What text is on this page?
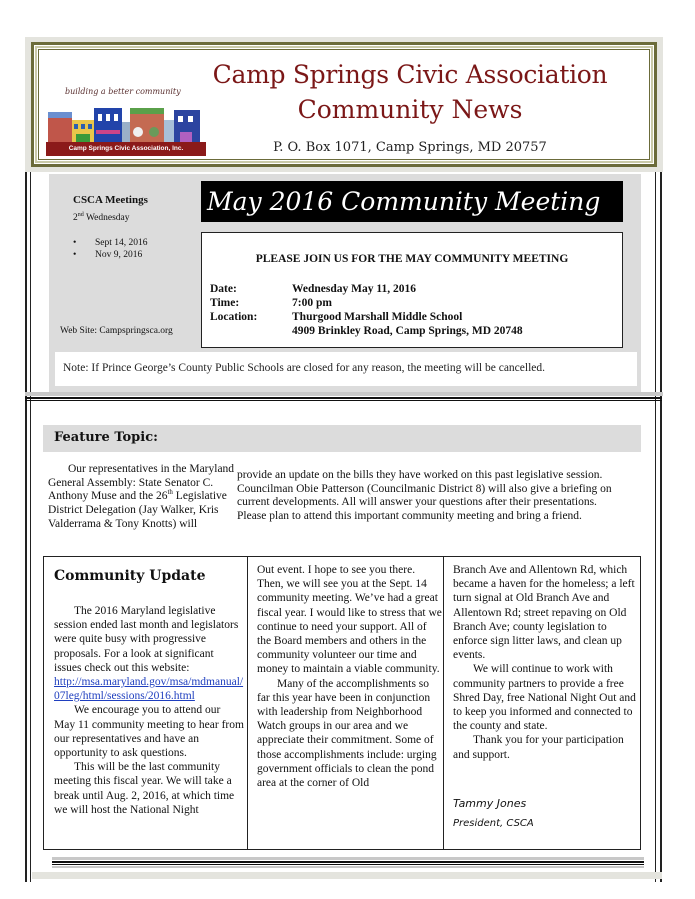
building a better community
Camp Springs Civic Association, Inc.
Camp Springs Civic Association
Community News
P. O. Box 1071, Camp Springs, MD 20757
CSCA Meetings
2nd Wednesday
• Sept 14, 2016
• Nov 9, 2016
Web Site: Campspringsca.org
May 2016 Community Meeting
PLEASE JOIN US FOR THE MAY COMMUNITY MEETING
Date:	Wednesday May 11, 2016
Time:	7:00 pm
Location:	Thurgood Marshall Middle School
4909 Brinkley Road, Camp Springs, MD 20748
Note: If Prince George’s County Public Schools are closed for any reason, the meeting will be cancelled.
Feature Topic:
Our representatives in the Maryland General Assembly: State Senator C. Anthony Muse and the 26th Legislative District Delegation (Jay Walker, Kris Valderrama & Tony Knotts) will
provide an update on the bills they have worked on this past legislative session. Councilman Obie Patterson (Councilmanic District 8) will also give a briefing on current developments. All will answer your questions after their presentations. Please plan to attend this important community meeting and bring a friend.
Community Update

The 2016 Maryland legislative session ended last month and legislators were quite busy with progressive proposals. For a look at significant issues check out this website:
http://msa.maryland.gov/msa/mdmanual/07leg/html/sessions/2016.html

We encourage you to attend our May 11 community meeting to hear from our representatives and have an opportunity to ask questions.

This will be the last community meeting this fiscal year. We will take a break until Aug. 2, 2016, at which time we will host the National Night

Out event. I hope to see you there. Then, we will see you at the Sept. 14 community meeting. We’ve had a great fiscal year. I would like to stress that we continue to need your support. All of the Board members and others in the community volunteer our time and money to maintain a viable community.

Many of the accomplishments so far this year have been in conjunction with leadership from Neighborhood Watch groups in our area and we appreciate their commitment. Some of those accomplishments include: urging government officials to clean the pond area at the corner of Old

Branch Ave and Allentown Rd, which became a haven for the homeless; a left turn signal at Old Branch Ave and Allentown Rd; street repaving on Old Branch Ave; county legislation to enforce sign litter laws, and clean up events.

We will continue to work with community partners to provide a free Shred Day, free National Night Out and to keep you informed and connected to the county and state.

Thank you for your participation and support.

Tammy Jones
President, CSCA
